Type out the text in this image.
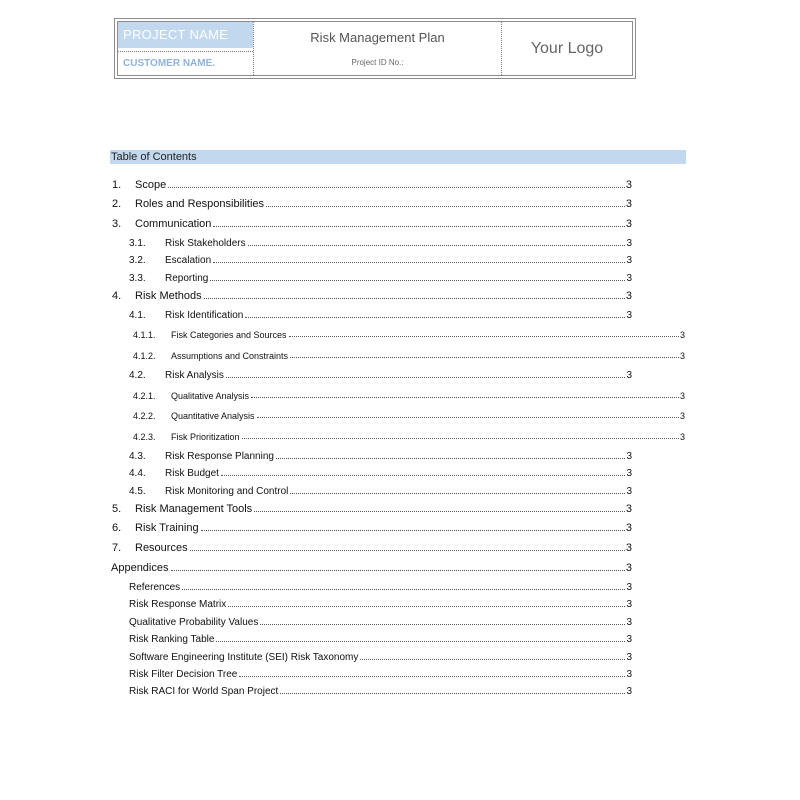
PROJECT NAME
CUSTOMER NAME.
Risk Management Plan
Project ID No.:
Your Logo
Table of Contents
1.	Scope	3
2.	Roles and Responsibilities	3
3.	Communication	3
3.1.	Risk Stakeholders	3
3.2.	Escalation	3
3.3.	Reporting	3
4.	Risk Methods	3
4.1.	Risk Identification	3
4.1.1.	Fisk Categories and Sources	3
4.1.2.	Assumptions and Constraints	3
4.2.	Risk Analysis	3
4.2.1.	Qualitative Analysis	3
4.2.2.	Quantitative Analysis	3
4.2.3.	Fisk Prioritization	3
4.3.	Risk Response Planning	3
4.4.	Risk Budget	3
4.5.	Risk Monitoring and Control	3
5.	Risk Management Tools	3
6.	Risk Training	3
7.	Resources	3
Appendices	3
References	3
Risk Response Matrix	3
Qualitative Probability Values	3
Risk Ranking Table	3
Software Engineering Institute (SEI) Risk Taxonomy	3
Risk Filter Decision Tree	3
Risk RACI for World Span Project	3
